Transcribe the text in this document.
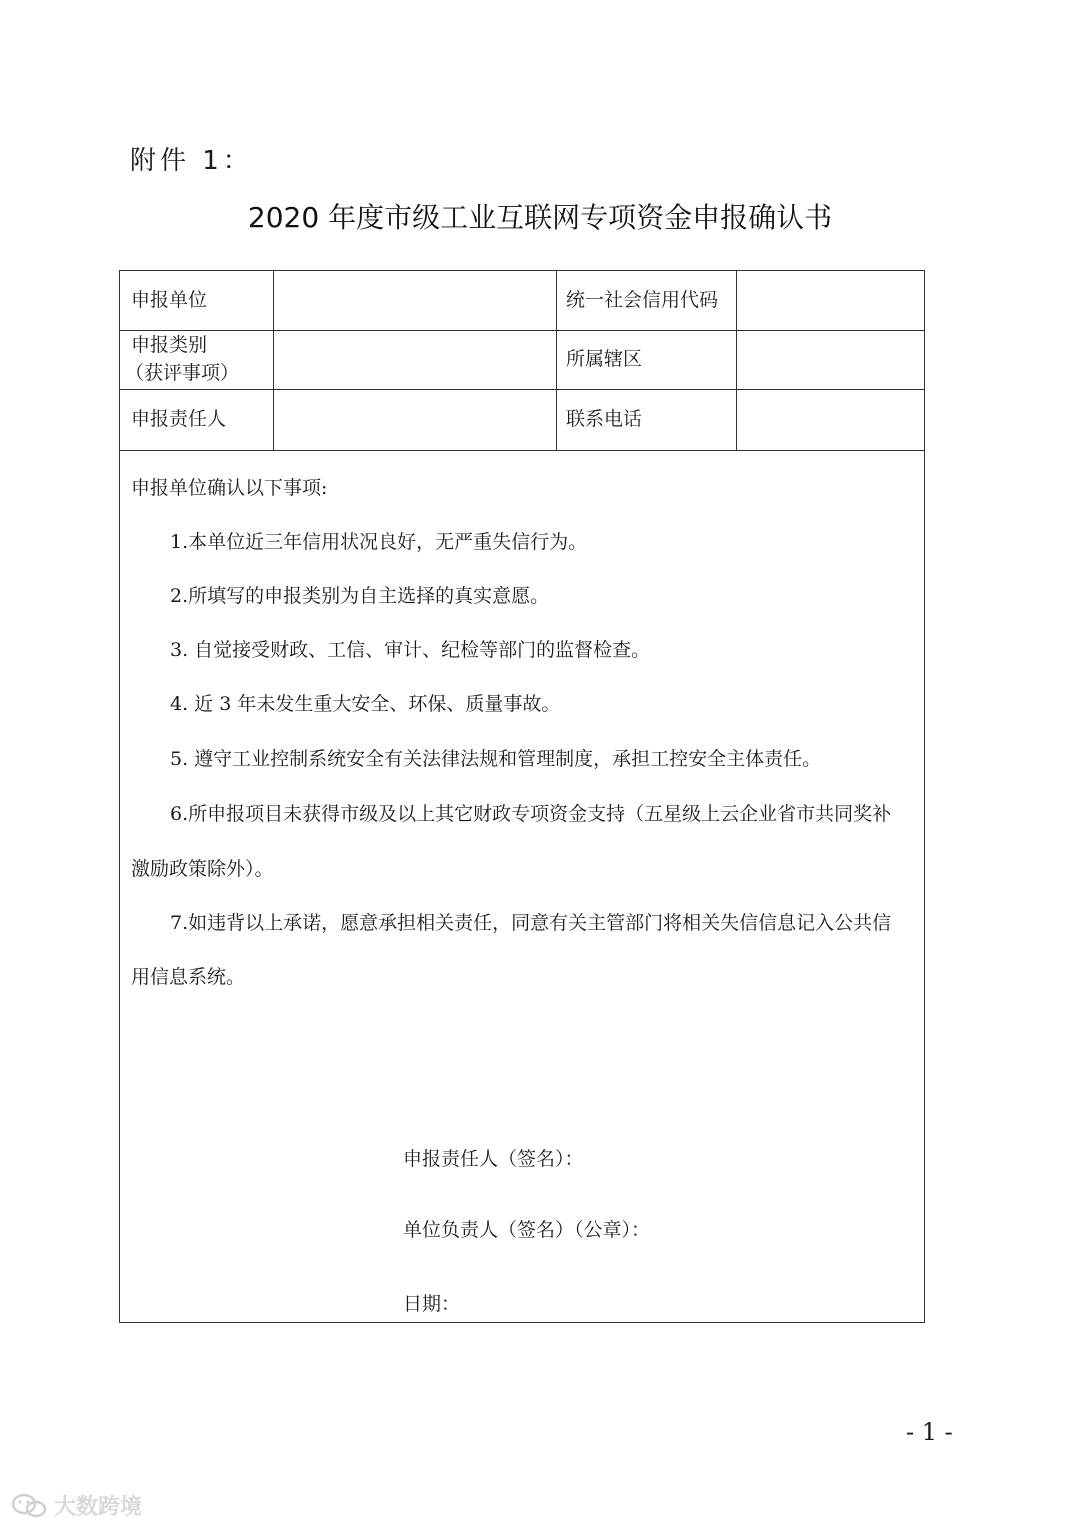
附件 1：
2020 年度市级工业互联网专项资金申报确认书
申报单位	统一社会信用代码
申报类别
（获评事项）
所属辖区
申报责任人	联系电话
申报单位确认以下事项:
1.本单位近三年信用状况良好，无严重失信行为。
2.所填写的申报类别为自主选择的真实意愿。
3. 自觉接受财政、工信、审计、纪检等部门的监督检查。
4. 近 3 年未发生重大安全、环保、质量事故。
5. 遵守工业控制系统安全有关法律法规和管理制度，承担工控安全主体责任。
6.所申报项目未获得市级及以上其它财政专项资金支持（五星级上云企业省市共同奖补
激励政策除外）。
7.如违背以上承诺，愿意承担相关责任，同意有关主管部门将相关失信信息记入公共信
用信息系统。
申报责任人（签名）：
单位负责人（签名）（公章）：
日期：
- 1 -
大数跨境
